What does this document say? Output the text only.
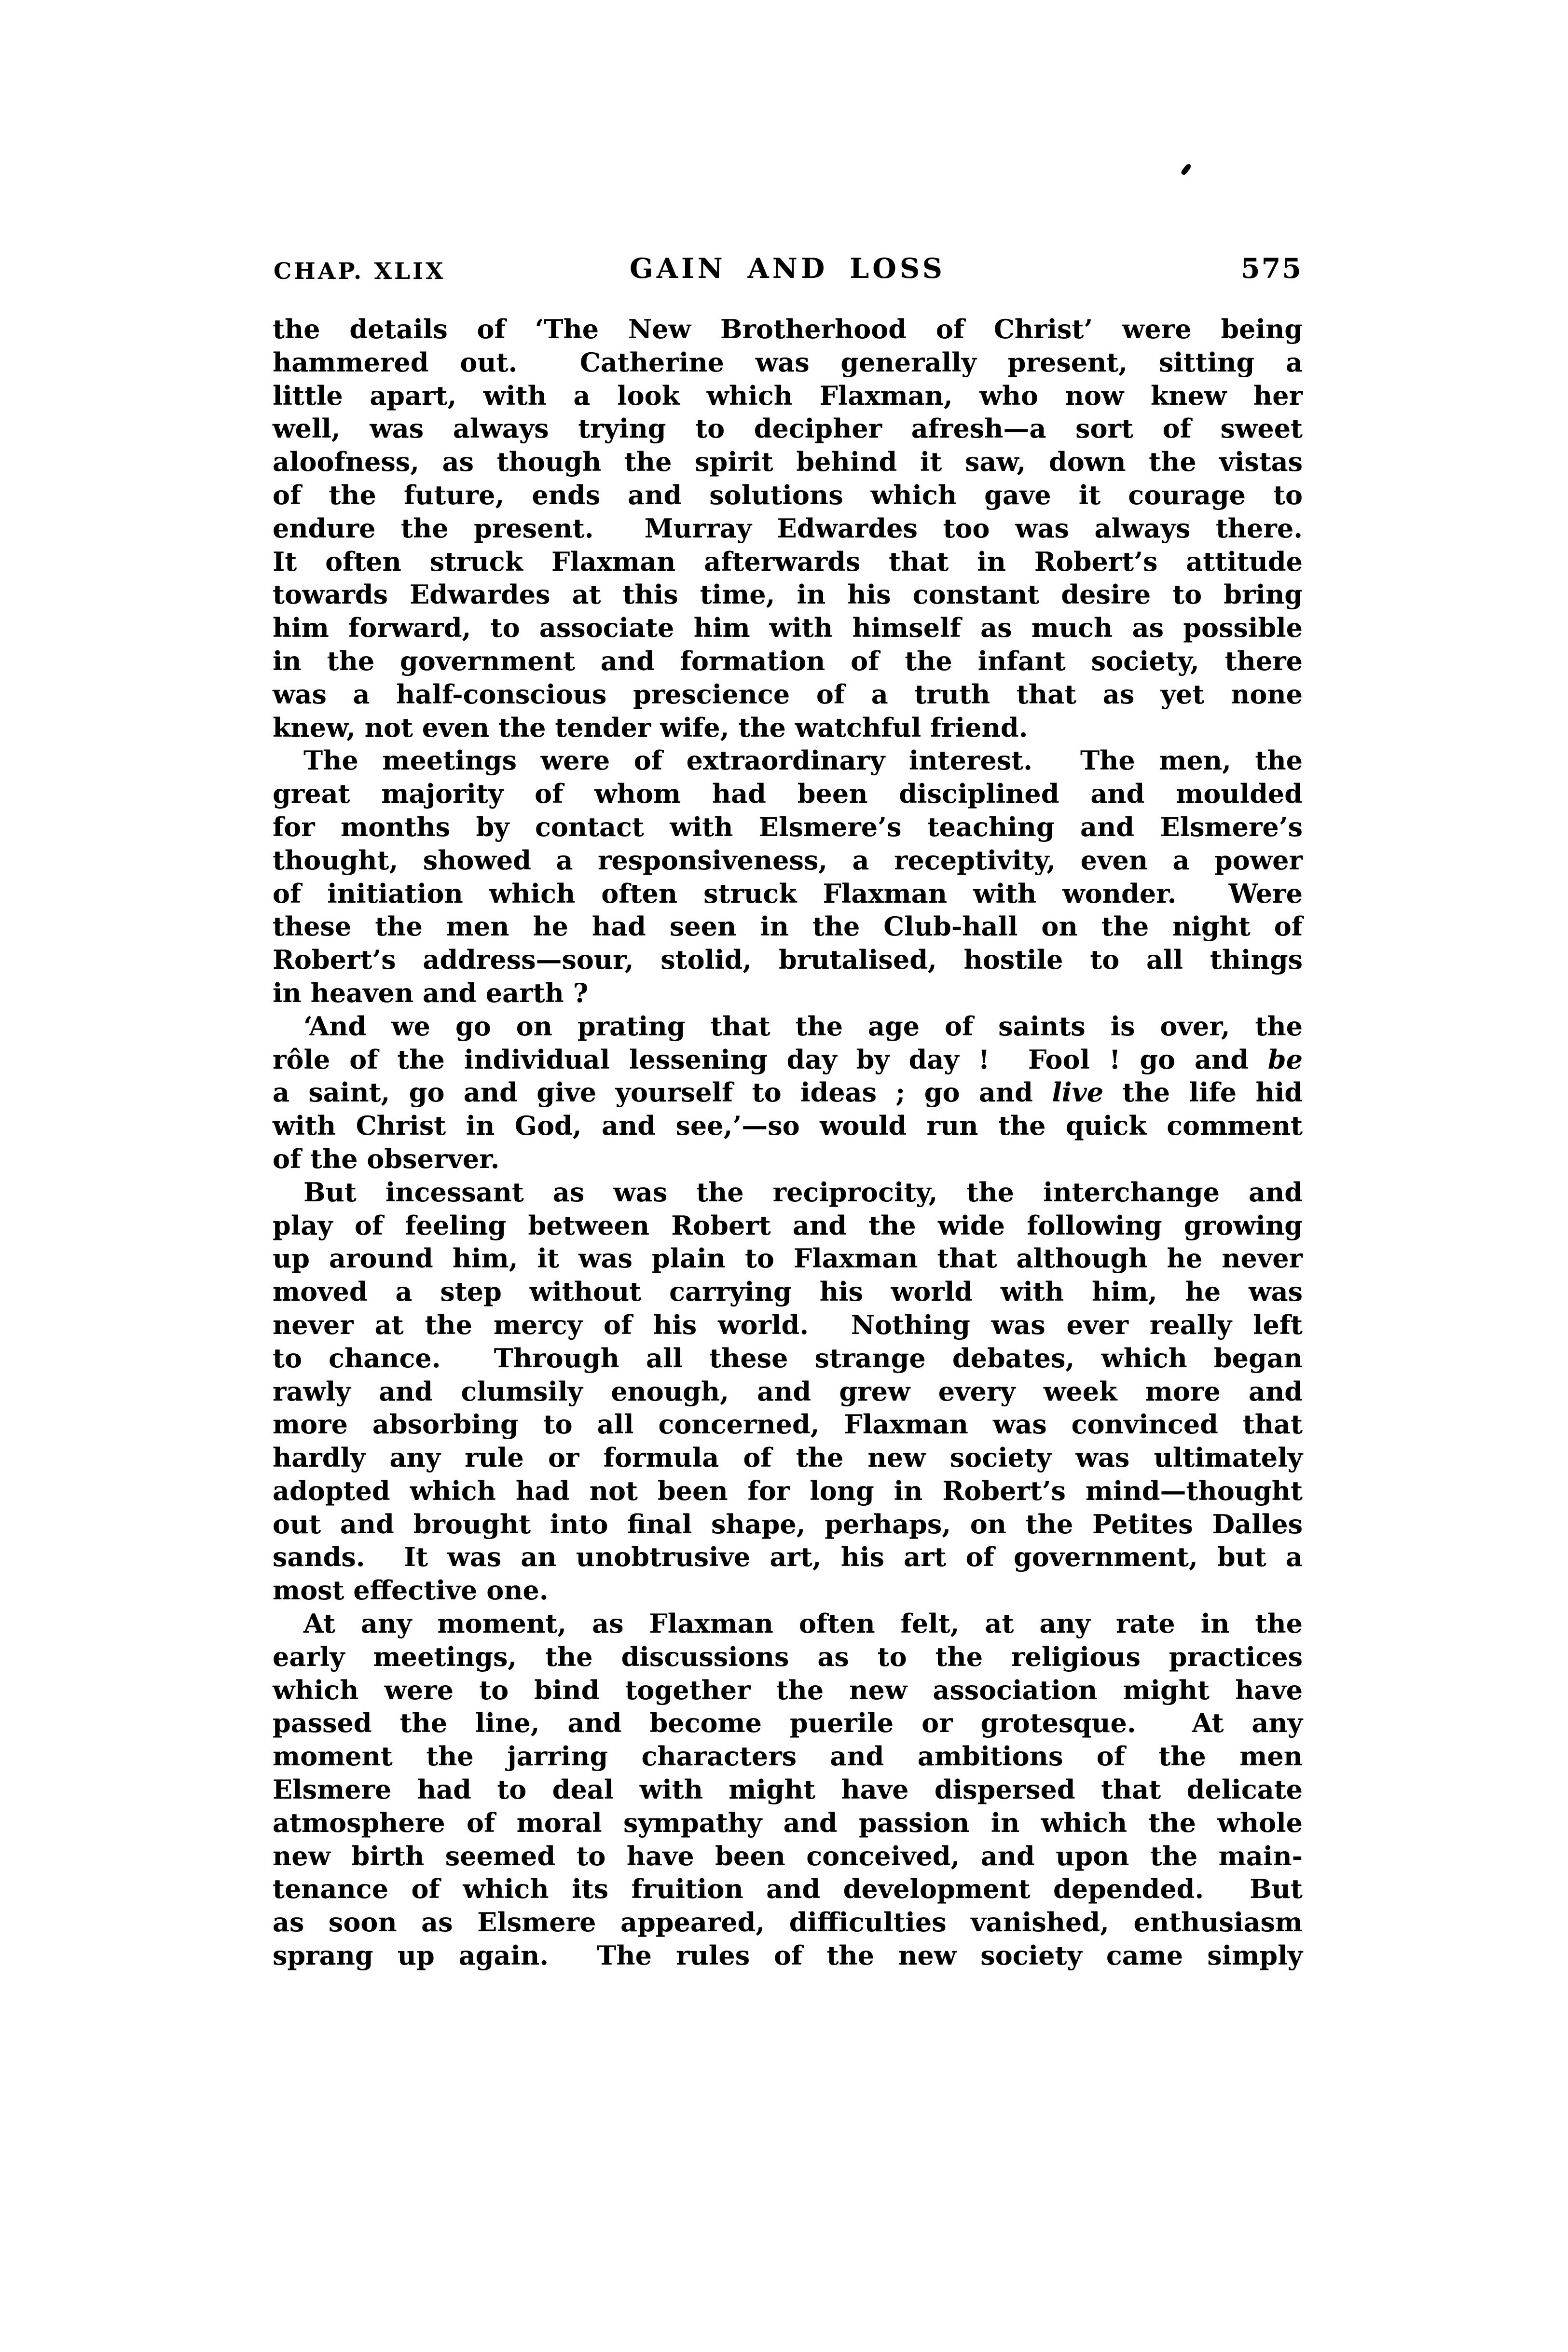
CHAP. XLIX	GAIN AND LOSS	575
the details of ‘The New Brotherhood of Christ’ were being
hammered out.  Catherine was generally present, sitting a
little apart, with a look which Flaxman, who now knew her
well, was always trying to decipher afresh—a sort of sweet
aloofness, as though the spirit behind it saw, down the vistas
of the future, ends and solutions which gave it courage to
endure the present.  Murray Edwardes too was always there.
It often struck Flaxman afterwards that in Robert’s attitude
towards Edwardes at this time, in his constant desire to bring
him forward, to associate him with himself as much as possible
in the government and formation of the infant society, there
was a half-conscious prescience of a truth that as yet none
knew, not even the tender wife, the watchful friend.
The meetings were of extraordinary interest.  The men, the
great majority of whom had been disciplined and moulded
for months by contact with Elsmere’s teaching and Elsmere’s
thought, showed a responsiveness, a receptivity, even a power
of initiation which often struck Flaxman with wonder.  Were
these the men he had seen in the Club-hall on the night of
Robert’s address—sour, stolid, brutalised, hostile to all things
in heaven and earth ?
‘And we go on prating that the age of saints is over, the
rôle of the individual lessening day by day !  Fool ! go and be
a saint, go and give yourself to ideas ; go and live the life hid
with Christ in God, and see,’—so would run the quick comment
of the observer.
But incessant as was the reciprocity, the interchange and
play of feeling between Robert and the wide following growing
up around him, it was plain to Flaxman that although he never
moved a step without carrying his world with him, he was
never at the mercy of his world.  Nothing was ever really left
to chance.  Through all these strange debates, which began
rawly and clumsily enough, and grew every week more and
more absorbing to all concerned, Flaxman was convinced that
hardly any rule or formula of the new society was ultimately
adopted which had not been for long in Robert’s mind—thought
out and brought into final shape, perhaps, on the Petites Dalles
sands.  It was an unobtrusive art, his art of government, but a
most effective one.
At any moment, as Flaxman often felt, at any rate in the
early meetings, the discussions as to the religious practices
which were to bind together the new association might have
passed the line, and become puerile or grotesque.  At any
moment the jarring characters and ambitions of the men
Elsmere had to deal with might have dispersed that delicate
atmosphere of moral sympathy and passion in which the whole
new birth seemed to have been conceived, and upon the main-
tenance of which its fruition and development depended.  But
as soon as Elsmere appeared, difficulties vanished, enthusiasm
sprang up again.  The rules of the new society came simply
